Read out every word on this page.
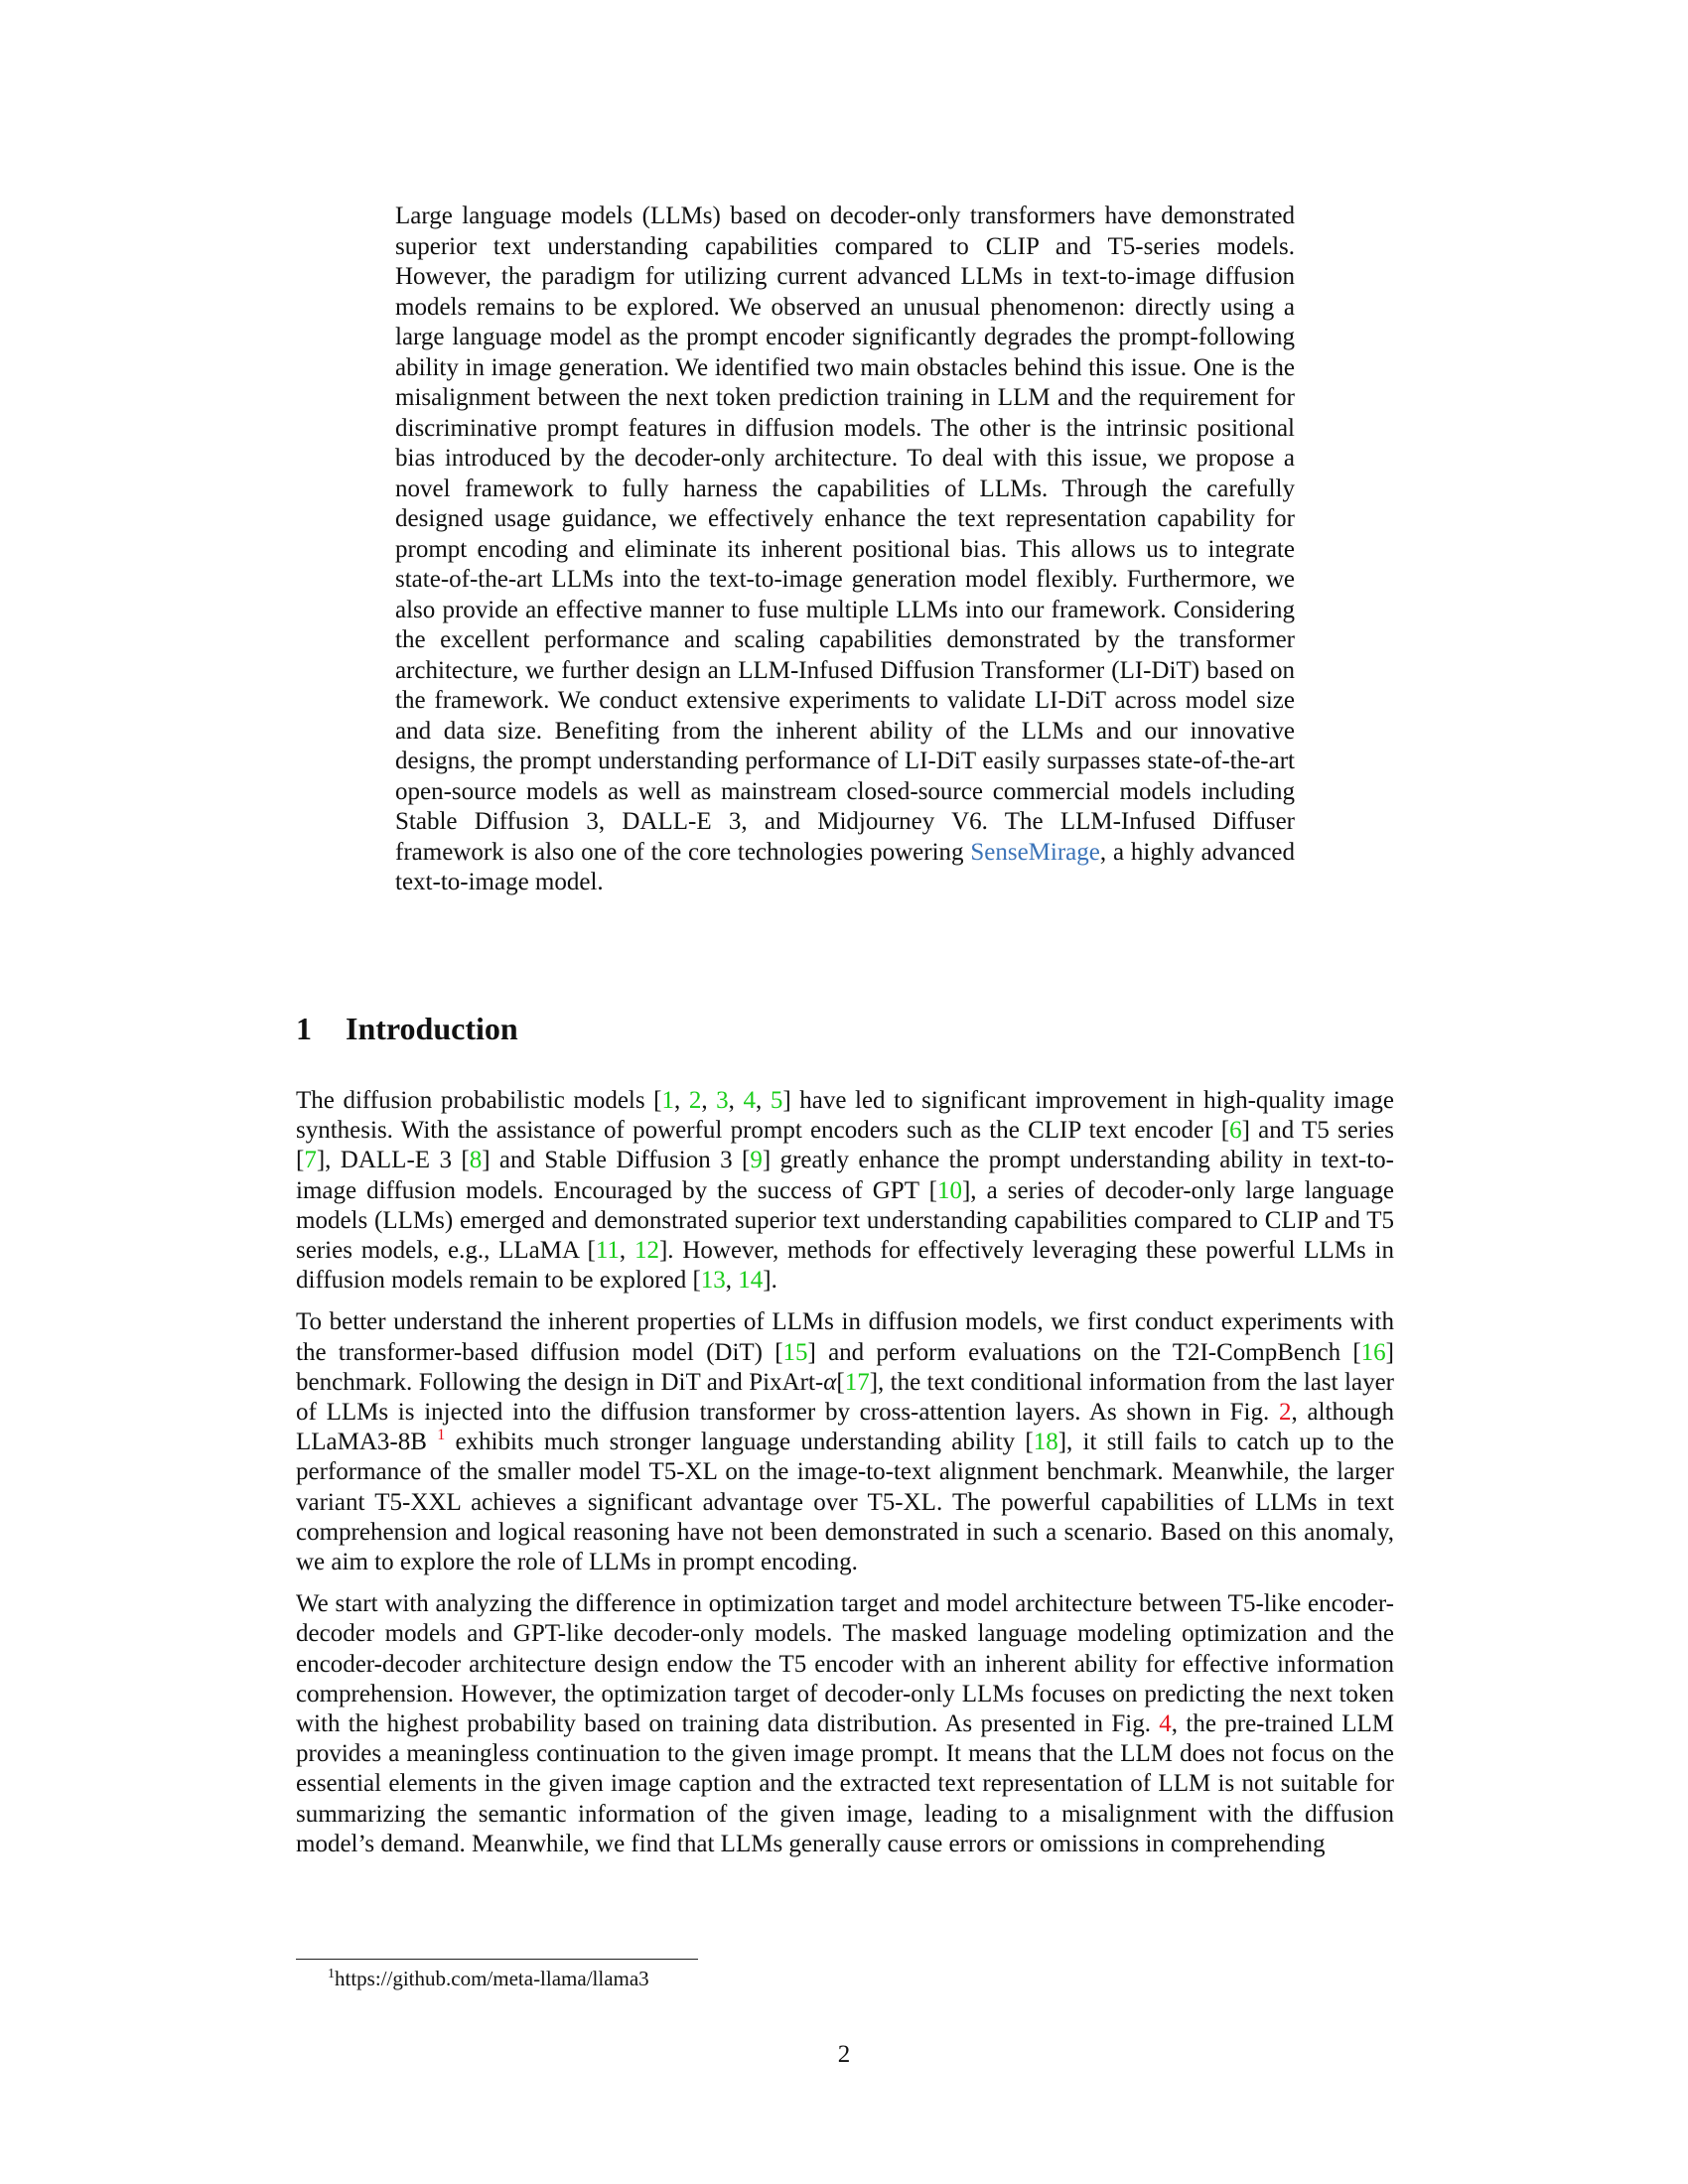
Large language models (LLMs) based on decoder-only transformers have demonstrated superior text understanding capabilities compared to CLIP and T5-series models. However, the paradigm for utilizing current advanced LLMs in text-to-image diffusion models remains to be explored. We observed an unusual phenomenon: directly using a large language model as the prompt encoder significantly degrades the prompt-following ability in image generation. We identified two main obstacles behind this issue. One is the misalignment between the next token prediction training in LLM and the requirement for discriminative prompt features in diffusion models. The other is the intrinsic positional bias introduced by the decoder-only architecture. To deal with this issue, we propose a novel framework to fully harness the capabilities of LLMs. Through the carefully designed usage guidance, we effectively enhance the text representation capability for prompt encoding and eliminate its inherent positional bias. This allows us to integrate state-of-the-art LLMs into the text-to-image generation model flexibly. Furthermore, we also provide an effective manner to fuse multiple LLMs into our framework. Considering the excellent performance and scaling capabilities demonstrated by the transformer architecture, we further design an LLM-Infused Diffusion Transformer (LI-DiT) based on the framework. We conduct extensive experiments to validate LI-DiT across model size and data size. Benefiting from the inherent ability of the LLMs and our innovative designs, the prompt understanding performance of LI-DiT easily surpasses state-of-the-art open-source models as well as mainstream closed-source commercial models including Stable Diffusion 3, DALL-E 3, and Midjourney V6. The LLM-Infused Diffuser framework is also one of the core technologies powering SenseMirage, a highly advanced text-to-image model.

1 Introduction

The diffusion probabilistic models [1, 2, 3, 4, 5] have led to significant improvement in high-quality image synthesis. With the assistance of powerful prompt encoders such as the CLIP text encoder [6] and T5 series [7], DALL-E 3 [8] and Stable Diffusion 3 [9] greatly enhance the prompt understanding ability in text-to-image diffusion models. Encouraged by the success of GPT [10], a series of decoder-only large language models (LLMs) emerged and demonstrated superior text understanding capabilities compared to CLIP and T5 series models, e.g., LLaMA [11, 12]. However, methods for effectively leveraging these powerful LLMs in diffusion models remain to be explored [13, 14].

To better understand the inherent properties of LLMs in diffusion models, we first conduct experiments with the transformer-based diffusion model (DiT) [15] and perform evaluations on the T2I-CompBench [16] benchmark. Following the design in DiT and PixArt-α[17], the text conditional information from the last layer of LLMs is injected into the diffusion transformer by cross-attention layers. As shown in Fig. 2, although LLaMA3-8B $^1$ exhibits much stronger language understanding ability [18], it still fails to catch up to the performance of the smaller model T5-XL on the image-to-text alignment benchmark. Meanwhile, the larger variant T5-XXL achieves a significant advantage over T5-XL. The powerful capabilities of LLMs in text comprehension and logical reasoning have not been demonstrated in such a scenario. Based on this anomaly, we aim to explore the role of LLMs in prompt encoding.

We start with analyzing the difference in optimization target and model architecture between T5-like encoder-decoder models and GPT-like decoder-only models. The masked language modeling optimization and the encoder-decoder architecture design endow the T5 encoder with an inherent ability for effective information comprehension. However, the optimization target of decoder-only LLMs focuses on predicting the next token with the highest probability based on training data distribution. As presented in Fig. 4, the pre-trained LLM provides a meaningless continuation to the given image prompt. It means that the LLM does not focus on the essential elements in the given image caption and the extracted text representation of LLM is not suitable for summarizing the semantic information of the given image, leading to a misalignment with the diffusion model’s demand. Meanwhile, we find that LLMs generally cause errors or omissions in comprehending

$^1$https://github.com/meta-llama/llama3
2
